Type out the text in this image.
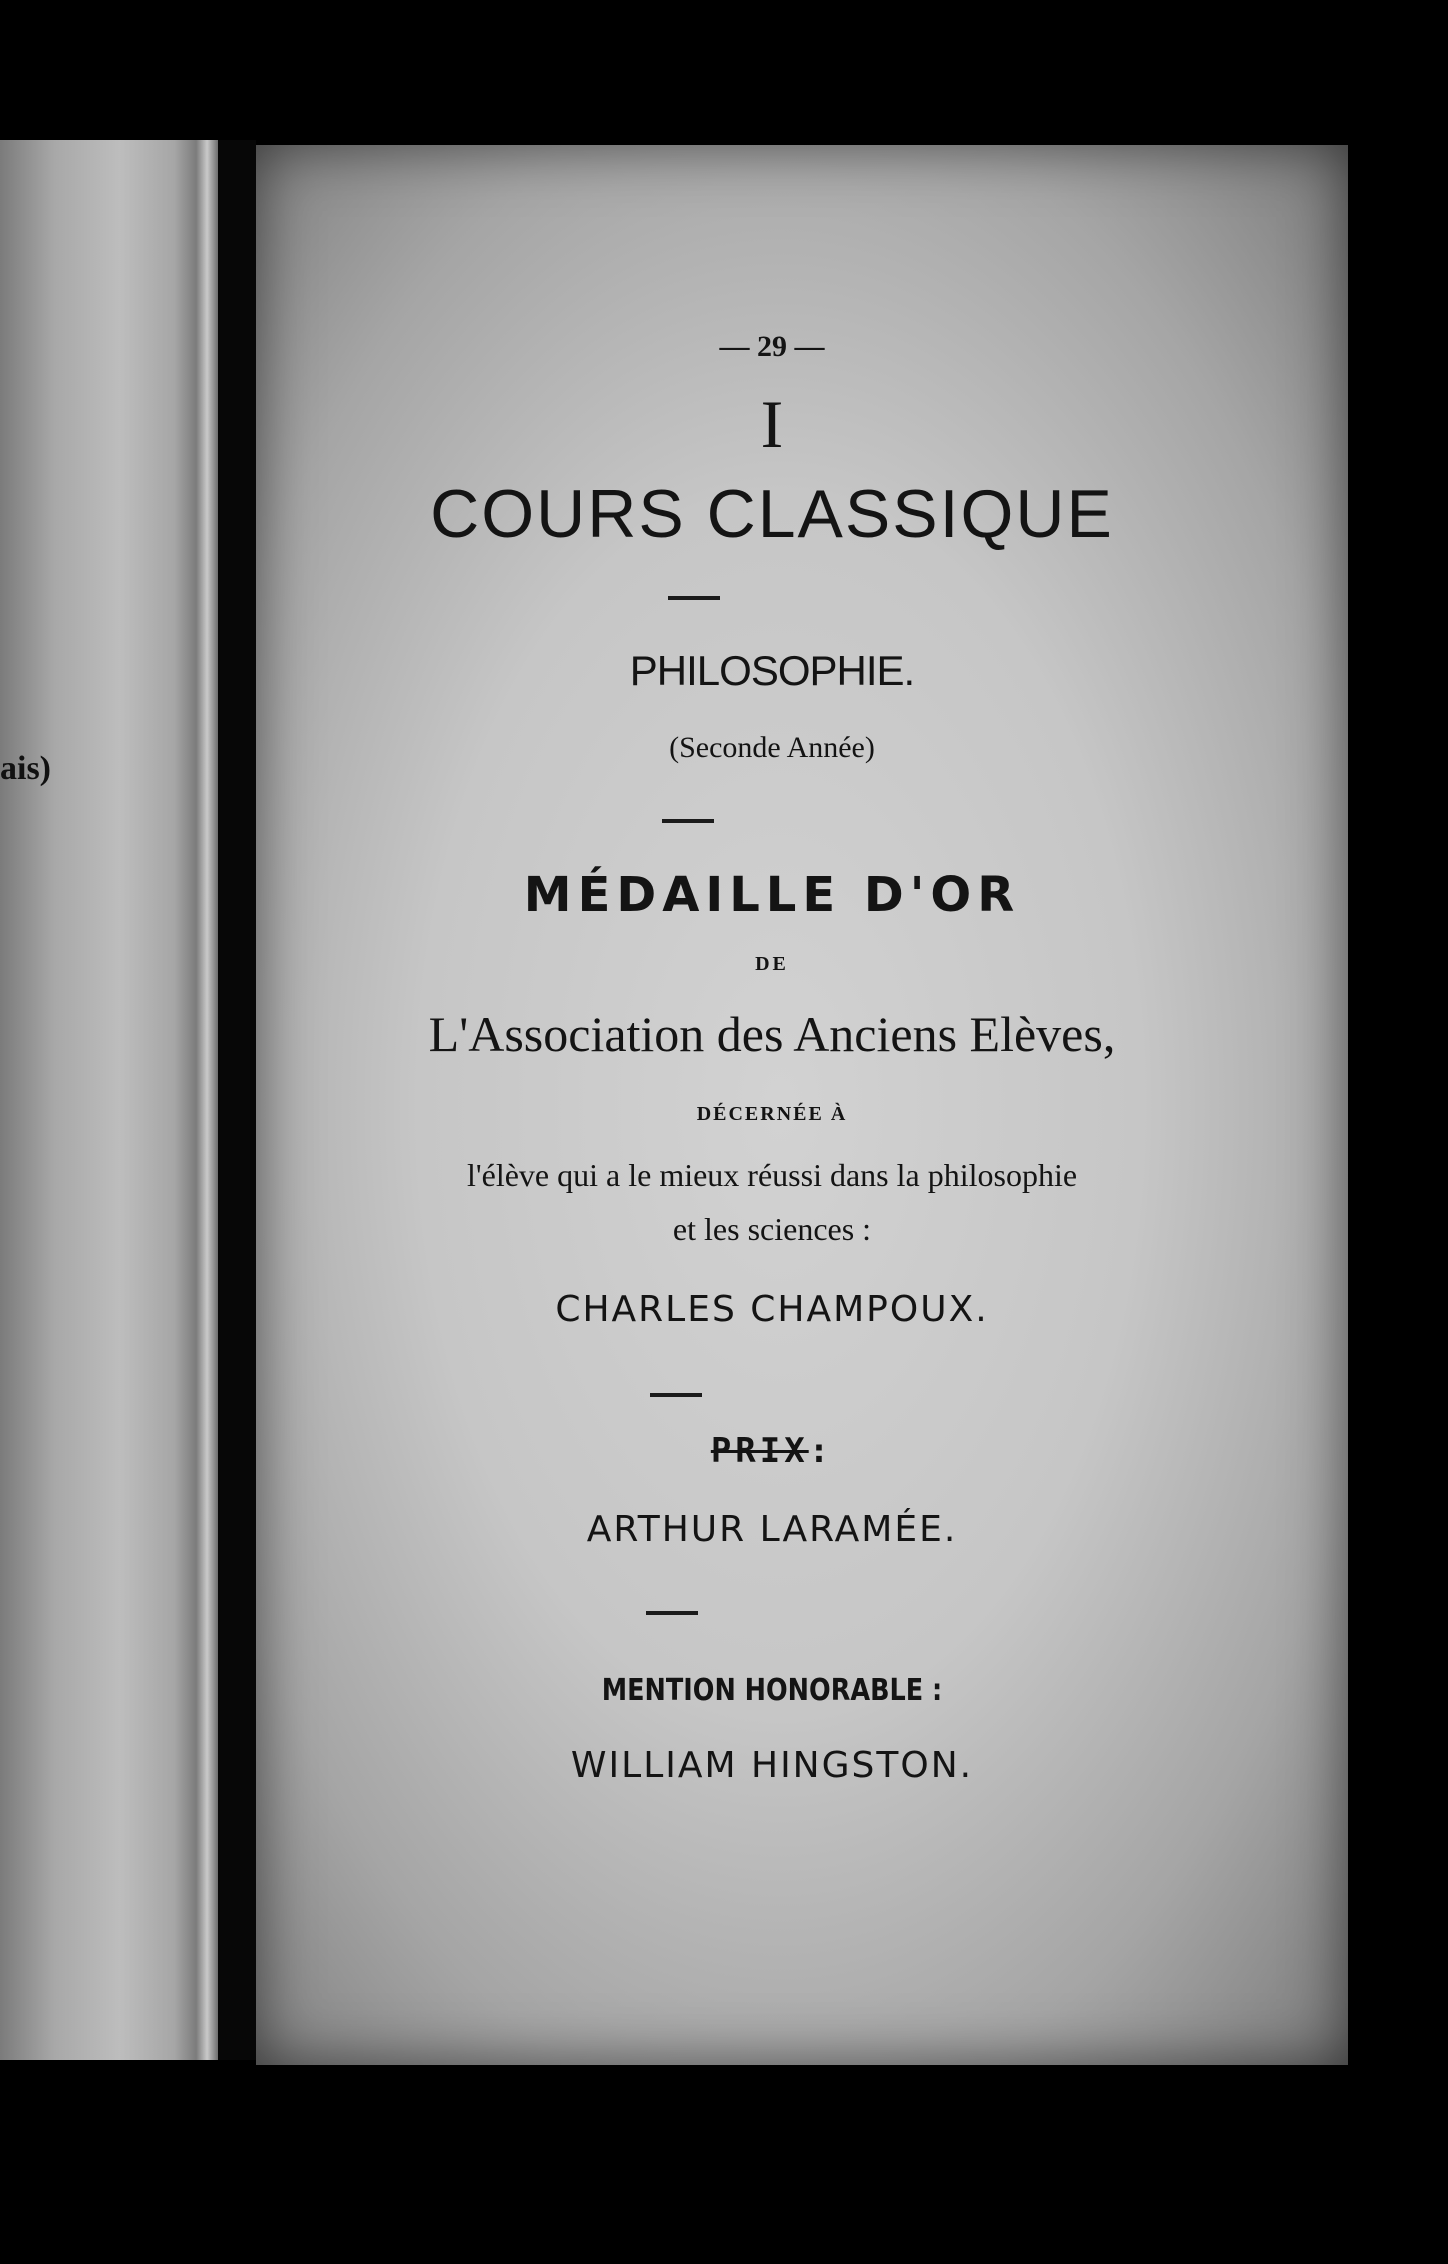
ais)
— 29 —
I
COURS CLASSIQUE
PHILOSOPHIE.
(Seconde Année)
MÉDAILLE D'OR
DE
L'Association des Anciens Elèves,
DÉCERNÉE À
l'élève qui a le mieux réussi dans la philosophie
et les sciences :
CHARLES CHAMPOUX.
PRIX:
ARTHUR LARAMÉE.
MENTION HONORABLE :
WILLIAM HINGSTON.
